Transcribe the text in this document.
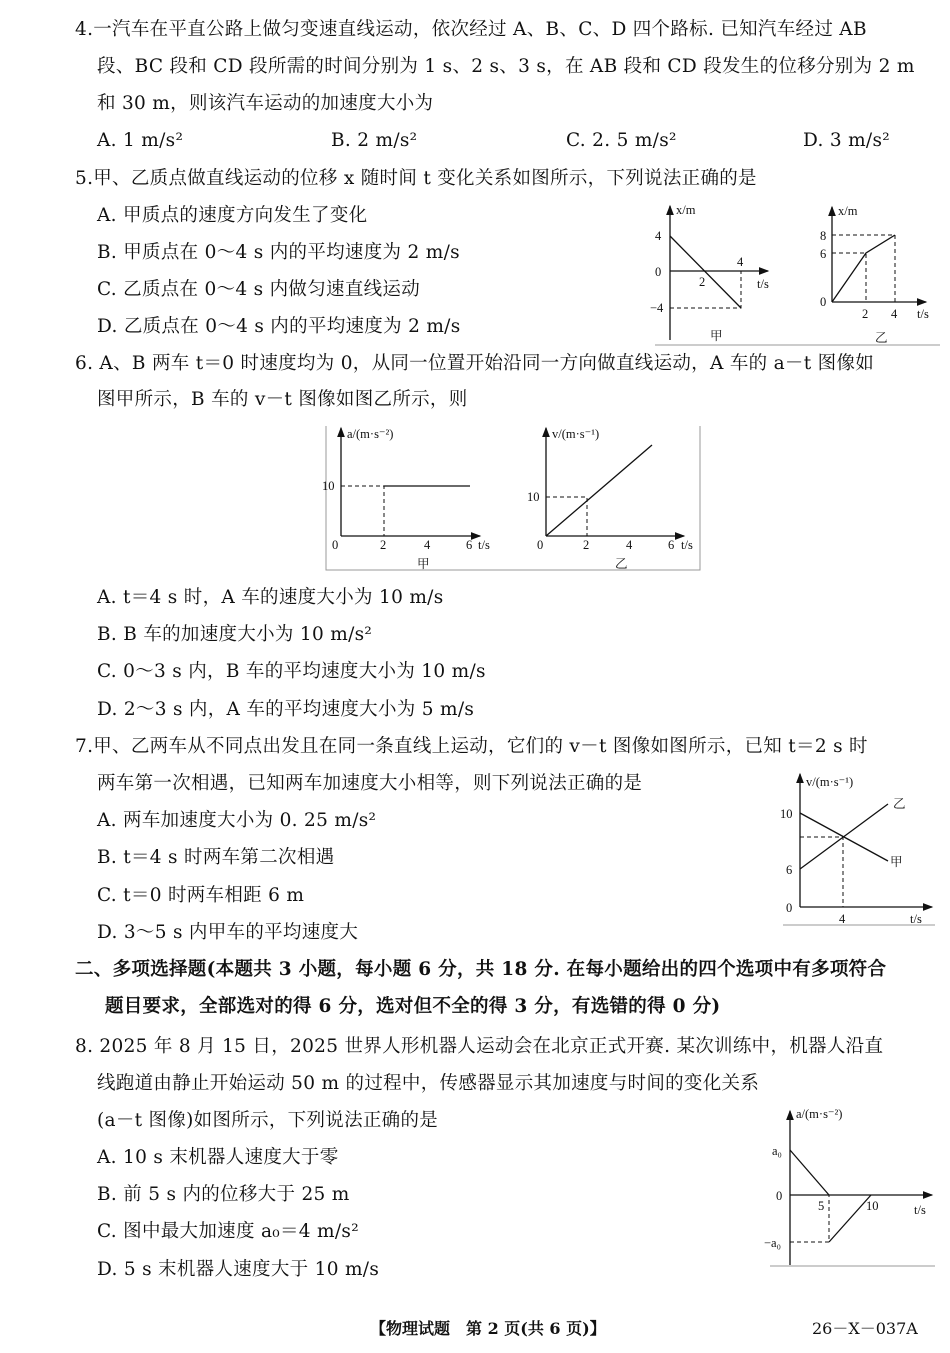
4.一汽车在平直公路上做匀变速直线运动，依次经过 A、B、C、D 四个路标. 已知汽车经过 AB
段、BC 段和 CD 段所需的时间分别为 1 s、2 s、3 s，在 AB 段和 CD 段发生的位移分别为 2 m
和 30 m，则该汽车运动的加速度大小为
A. 1 m/s²	B. 2 m/s²	C. 2. 5 m/s²	D. 3 m/s²
5.甲、乙质点做直线运动的位移 x 随时间 t 变化关系如图所示，下列说法正确的是
A. 甲质点的速度方向发生了变化
B. 甲质点在 0～4 s 内的平均速度为 2 m/s
C. 乙质点在 0～4 s 内做匀速直线运动
D. 乙质点在 0～4 s 内的平均速度为 2 m/s
6. A、B 两车 t＝0 时速度均为 0，从同一位置开始沿同一方向做直线运动，A 车的 a－t 图像如
图甲所示，B 车的 v－t 图像如图乙所示，则
A. t＝4 s 时，A 车的速度大小为 10 m/s
B. B 车的加速度大小为 10 m/s²
C. 0～3 s 内，B 车的平均速度大小为 10 m/s
D. 2～3 s 内，A 车的平均速度大小为 5 m/s
7.甲、乙两车从不同点出发且在同一条直线上运动，它们的 v－t 图像如图所示，已知 t＝2 s 时
两车第一次相遇，已知两车加速度大小相等，则下列说法正确的是
A. 两车加速度大小为 0. 25 m/s²
B. t＝4 s 时两车第二次相遇
C. t＝0 时两车相距 6 m
D. 3～5 s 内甲车的平均速度大
二、多项选择题(本题共 3 小题，每小题 6 分，共 18 分. 在每小题给出的四个选项中有多项符合
题目要求，全部选对的得 6 分，选对但不全的得 3 分，有选错的得 0 分)
8. 2025 年 8 月 15 日，2025 世界人形机器人运动会在北京正式开赛. 某次训练中，机器人沿直
线跑道由静止开始运动 50 m 的过程中，传感器显示其加速度与时间的变化关系
(a－t 图像)如图所示，下列说法正确的是
A. 10 s 末机器人速度大于零
B. 前 5 s 内的位移大于 25 m
C. 图中最大加速度 a₀＝4 m/s²
D. 5 s 末机器人速度大于 10 m/s
x/m
4
0
−4
2
4
t/s
甲
x/m
8
6
0
2 4 t/s
乙
a/(m·s⁻²)
10
0	2	4	6 t/s
甲
v/(m·s⁻¹)
10
0	2	4	6 t/s
乙
v/(m·s⁻¹)
10
6
0
4	t/s
乙
甲
a/(m·s⁻²)
a₀
0
−a₀
5	10	t/s
【物理试题　第 2 页(共 6 页)】	26－X－037A
